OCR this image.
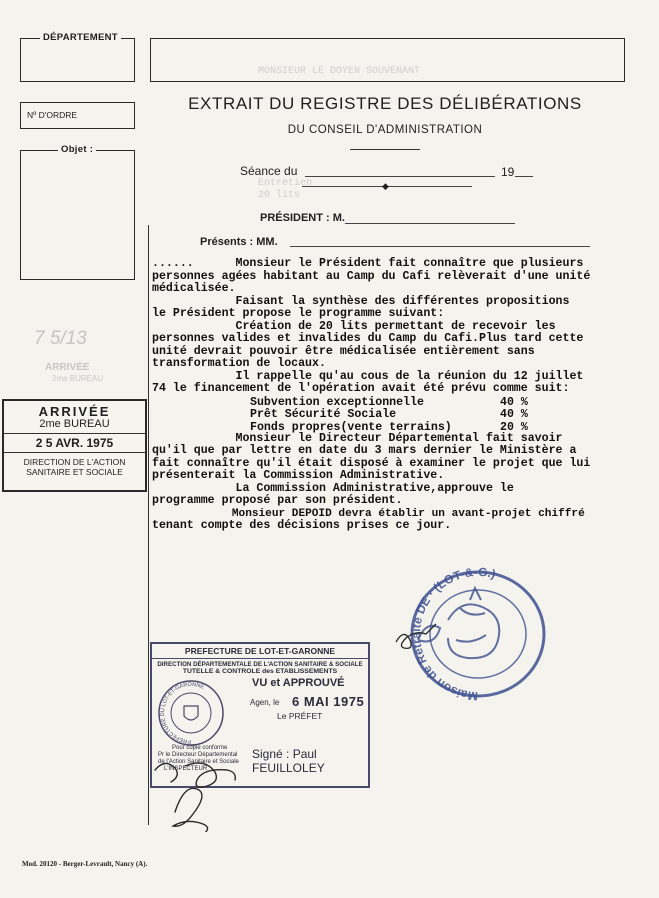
MONSIEUR LE DOYEN SOUVENANT
Entretien
20 lits
DÉPARTEMENT
Nº D'ORDRE
Objet :
EXTRAIT DU REGISTRE DES DÉLIBÉRATIONS
DU CONSEIL D'ADMINISTRATION
Séance du	19
◆
PRÉSIDENT : M.
Présents : MM.
7 5/13
ARRIVÉE
2me BUREAU
......      Monsieur le Président fait connaître que plusieurs
personnes agées habitant au Camp du Cafi relèverait d'une unité
médicalisée.
Faisant la synthèse des différentes propositions
le Président propose le programme suivant:
Création de 20 lits permettant de recevoir les
personnes valides et invalides du Camp du Cafi.Plus tard cette
unité devrait pouvoir être médicalisée entièrement sans
transformation de locaux.
Il rappelle qu'au cous de la réunion du 12 juillet
74 le financement de l'opération avait été prévu comme suit:
Subvention exceptionnelle	40 %
Prêt Sécurité Sociale	40 %
Fonds propres(vente terrains)	20 %
Monsieur le Directeur Départemental fait savoir
qu'il que par lettre en date du 3 mars dernier le Ministère a
fait connaître qu'il était disposé à examiner le projet que lui
présenterait la Commission Administrative.
La Commission Administrative,approuve le
programme proposé par son président.
Monsieur DEPOID devra établir un avant-projet chiffré
tenant compte des décisions prises ce jour.
ARRIVÉE
2me BUREAU
2 5 AVR. 1975
DIRECTION DE L'ACTION
SANITAIRE ET SOCIALE
Maison de Retraite DE · (LOT-&-G.)
PREFECTURE DE LOT-ET-GARONNE
DIRECTION DÉPARTEMENTALE DE L'ACTION SANITAIRE & SOCIALE
TUTELLE & CONTROLE des ETABLISSEMENTS
VU et APPROUVÉ
Agen, le 6 MAI 1975
Le PRÉFET
PRÉFECTURE DU LOT-ET-GARONNE
Pour copie conforme
Pr le Directeur Départemental
de l'Action Sanitaire et Sociale
L'INSPECTEUR
Signé : Paul FEUILLOLEY
Mod. 20120 - Berger-Levrault, Nancy (A).
